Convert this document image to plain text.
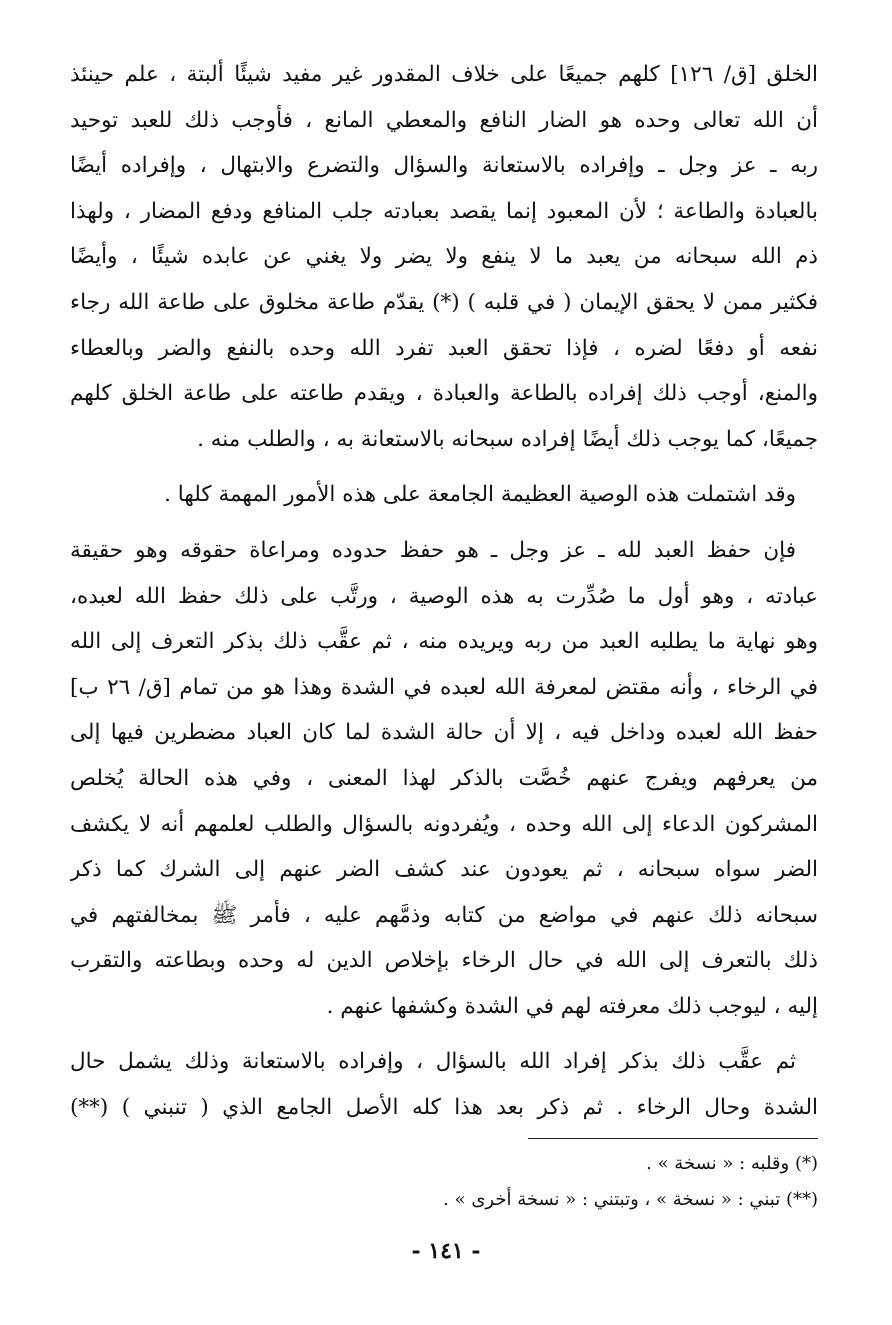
الخلق [ق/ ١٢٦] كلهم جميعًا على خلاف المقدور غير مفيد شيئًا ألبتة ، علم حينئذ
أن الله تعالى وحده هو الضار النافع والمعطي المانع ، فأوجب ذلك للعبد توحيد
ربه ـ عز وجل ـ وإفراده بالاستعانة والسؤال والتضرع والابتهال ، وإفراده أيضًا
بالعبادة والطاعة ؛ لأن المعبود إنما يقصد بعبادته جلب المنافع ودفع المضار ، ولهذا
ذم الله سبحانه من يعبد ما لا ينفع ولا يضر ولا يغني عن عابده شيئًا ، وأيضًا
فكثير ممن لا يحقق الإيمان ( في قلبه ) (*) يقدّم طاعة مخلوق على طاعة الله رجاء
نفعه أو دفعًا لضره ، فإذا تحقق العبد تفرد الله وحده بالنفع والضر وبالعطاء
والمنع، أوجب ذلك إفراده بالطاعة والعبادة ، ويقدم طاعته على طاعة الخلق كلهم
جميعًا، كما يوجب ذلك أيضًا إفراده سبحانه بالاستعانة به ، والطلب منه .
وقد اشتملت هذه الوصية العظيمة الجامعة على هذه الأمور المهمة كلها .
فإن حفظ العبد لله ـ عز وجل ـ هو حفظ حدوده ومراعاة حقوقه وهو حقيقة
عبادته ، وهو أول ما صُدِّرت به هذه الوصية ، ورتَّب على ذلك حفظ الله لعبده،
وهو نهاية ما يطلبه العبد من ربه ويريده منه ، ثم عقَّب ذلك بذكر التعرف إلى الله
في الرخاء ، وأنه مقتض لمعرفة الله لعبده في الشدة وهذا هو من تمام [ق/ ٢٦ ب]
حفظ الله لعبده وداخل فيه ، إلا أن حالة الشدة لما كان العباد مضطرين فيها إلى
من يعرفهم ويفرج عنهم خُصَّت بالذكر لهذا المعنى ، وفي هذه الحالة يُخلص
المشركون الدعاء إلى الله وحده ، ويُفردونه بالسؤال والطلب لعلمهم أنه لا يكشف
الضر سواه سبحانه ، ثم يعودون عند كشف الضر عنهم إلى الشرك كما ذكر
سبحانه ذلك عنهم في مواضع من كتابه وذمَّهم عليه ، فأمر ﷺ بمخالفتهم في
ذلك بالتعرف إلى الله في حال الرخاء بإخلاص الدين له وحده وبطاعته والتقرب
إليه ، ليوجب ذلك معرفته لهم في الشدة وكشفها عنهم .
ثم عقَّب ذلك بذكر إفراد الله بالسؤال ، وإفراده بالاستعانة وذلك يشمل حال
الشدة وحال الرخاء . ثم ذكر بعد هذا كله الأصل الجامع الذي ( تنبني ) (**)
(*) وقلبه : « نسخة » .
(**) تبني : « نسخة » ، وتبتني : « نسخة أخرى » .
- ١٤١ -
